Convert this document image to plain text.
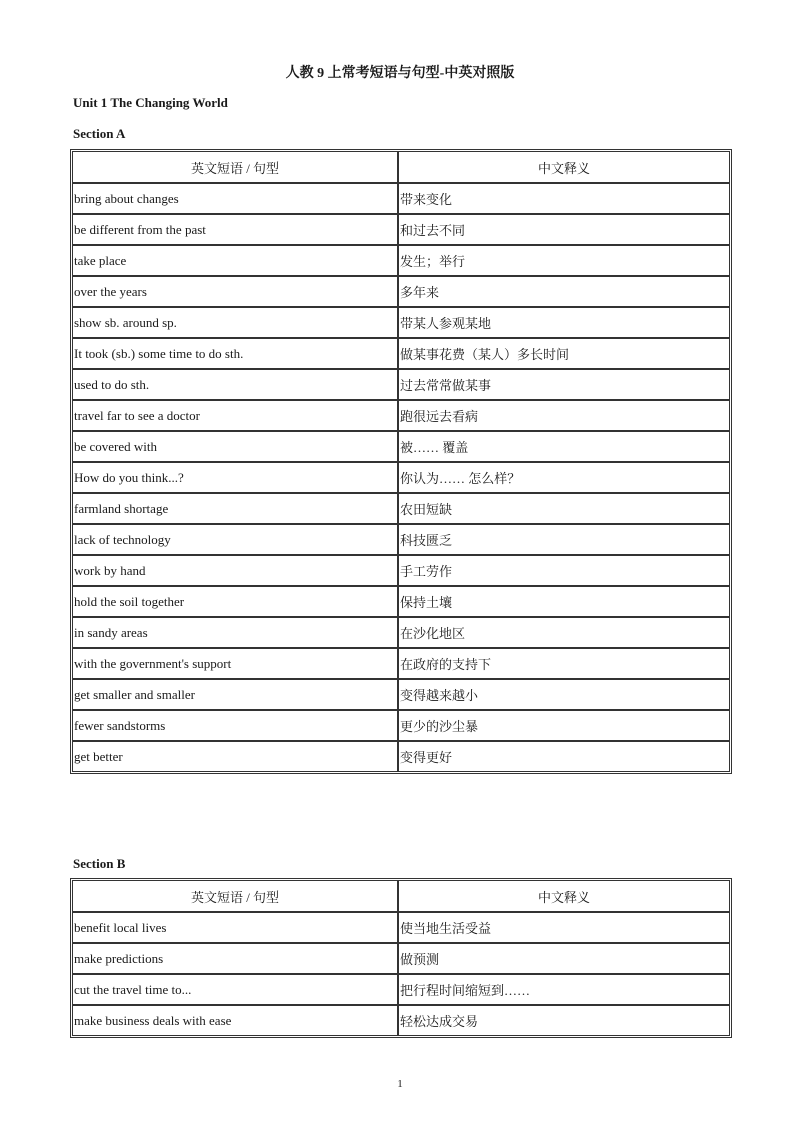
人教 9 上常考短语与句型-中英对照版
Unit 1 The Changing World
Section A
英文短语 / 句型	中文释义
bring about changes	带来变化
be different from the past	和过去不同
take place	发生；举行
over the years	多年来
show sb. around sp.	带某人参观某地
It took (sb.) some time to do sth.	做某事花费（某人）多长时间
used to do sth.	过去常常做某事
travel far to see a doctor	跑很远去看病
be covered with	被…… 覆盖
How do you think...?	你认为…… 怎么样？
farmland shortage	农田短缺
lack of technology	科技匮乏
work by hand	手工劳作
hold the soil together	保持土壤
in sandy areas	在沙化地区
with the government's support	在政府的支持下
get smaller and smaller	变得越来越小
fewer sandstorms	更少的沙尘暴
get better	变得更好
Section B
英文短语 / 句型	中文释义
benefit local lives	使当地生活受益
make predictions	做预测
cut the travel time to...	把行程时间缩短到……
make business deals with ease	轻松达成交易
1
